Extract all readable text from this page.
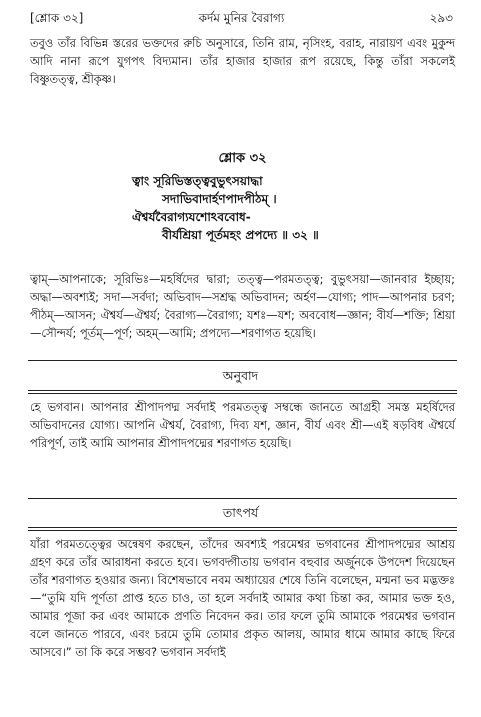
[শ্লোক ৩২]	কর্দম মুনির বৈরাগ্য	২৯৩

তবুও তাঁর বিভিন্ন স্তরের ভক্তদের রুচি অনুসারে, তিনি রাম, নৃসিংহ, বরাহ, নারায়ণ এবং মুকুন্দ আদি নানা রূপে যুগপৎ বিদ্যমান। তাঁর হাজার হাজার রূপ রয়েছে, কিন্তু তাঁরা সকলেই বিষ্ণুতত্ত্ব, শ্রীকৃষ্ণ।

শ্লোক ৩২
ত্বাং সূরিভিস্তত্ত্ববুভুৎসয়াদ্ধা
সদাভিবাদার্হণপাদপীঠম্ ।
ঐশ্বর্যবৈরাগ্যযশোঽববোধ-
বীর্যশ্রিয়া পূর্তমহং প্রপদ্যে ॥ ৩২ ॥

ত্বাম্—আপনাকে; সূরিভিঃ—মহর্ষিদের দ্বারা; তত্ত্ব—পরমতত্ত্ব; বুভুৎসয়া—জানবার ইচ্ছায়; অদ্ধা—অবশ্যই; সদা—সর্বদা; অভিবাদ—সশ্রদ্ধ অভিবাদন; অর্হণ—যোগ্য; পাদ—আপনার চরণ; পীঠম্—আসন; ঐশ্বর্য—ঐশ্বর্য; বৈরাগ্য—বৈরাগ্য; যশঃ—যশ; অববোধ—জ্ঞান; বীর্য—শক্তি; শ্রিয়া—সৌন্দর্য; পূর্তম্—পূর্ণ; অহম্—আমি; প্রপদ্যে—শরণাগত হয়েছি।

অনুবাদ

হে ভগবান। আপনার শ্রীপাদপদ্ম সর্বদাই পরমতত্ত্ব সম্বন্ধে জানতে আগ্রহী সমস্ত মহর্ষিদের অভিবাদনের যোগ্য। আপনি ঐশ্বর্য, বৈরাগ্য, দিব্য যশ, জ্ঞান, বীর্য এবং শ্রী—এই ষড়বিধ ঐশ্বর্যে পরিপূর্ণ, তাই আমি আপনার শ্রীপাদপদ্মের শরণাগত হয়েছি।

তাৎপর্য

যাঁরা পরমতত্ত্বের অন্বেষণ করছেন, তাঁদের অবশ্যই পরমেশ্বর ভগবানের শ্রীপাদপদ্মের আশ্রয় গ্রহণ করে তাঁর আরাধনা করতে হবে। ভগবদ্গীতায় ভগবান বহুবার অর্জুনকে উপদেশ দিয়েছেন তাঁর শরণাগত হওয়ার জন্য। বিশেষভাবে নবম অধ্যায়ের শেষে তিনি বলেছেন, মন্মনা ভব মদ্ভক্তঃ—“তুমি যদি পূর্ণতা প্রাপ্ত হতে চাও, তা হলে সর্বদাই আমার কথা চিন্তা কর, আমার ভক্ত হও, আমার পূজা কর এবং আমাকে প্রণতি নিবেদন কর। তার ফলে তুমি আমাকে পরমেশ্বর ভগবান বলে জানতে পারবে, এবং চরমে তুমি তোমার প্রকৃত আলয়, আমার ধামে আমার কাছে ফিরে আসবে।” তা কি করে সম্ভব? ভগবান সর্বদাই
